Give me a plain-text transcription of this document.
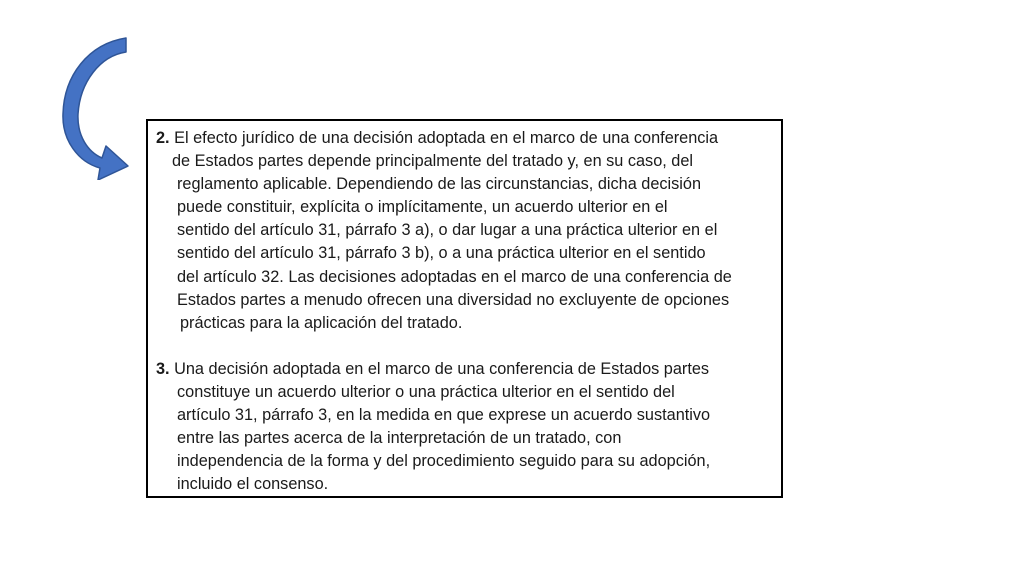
2. El efecto jurídico de una decisión adoptada en el marco de una conferencia
de Estados partes depende principalmente del tratado y, en su caso, del
reglamento aplicable. Dependiendo de las circunstancias, dicha decisión
puede constituir, explícita o implícitamente, un acuerdo ulterior en el
sentido del artículo 31, párrafo 3 a), o dar lugar a una práctica ulterior en el
sentido del artículo 31, párrafo 3 b), o a una práctica ulterior en el sentido
del artículo 32. Las decisiones adoptadas en el marco de una conferencia de
Estados partes a menudo ofrecen una diversidad no excluyente de opciones
prácticas para la aplicación del tratado.

3. Una decisión adoptada en el marco de una conferencia de Estados partes
constituye un acuerdo ulterior o una práctica ulterior en el sentido del
artículo 31, párrafo 3, en la medida en que exprese un acuerdo sustantivo
entre las partes acerca de la interpretación de un tratado, con
independencia de la forma y del procedimiento seguido para su adopción,
incluido el consenso.
